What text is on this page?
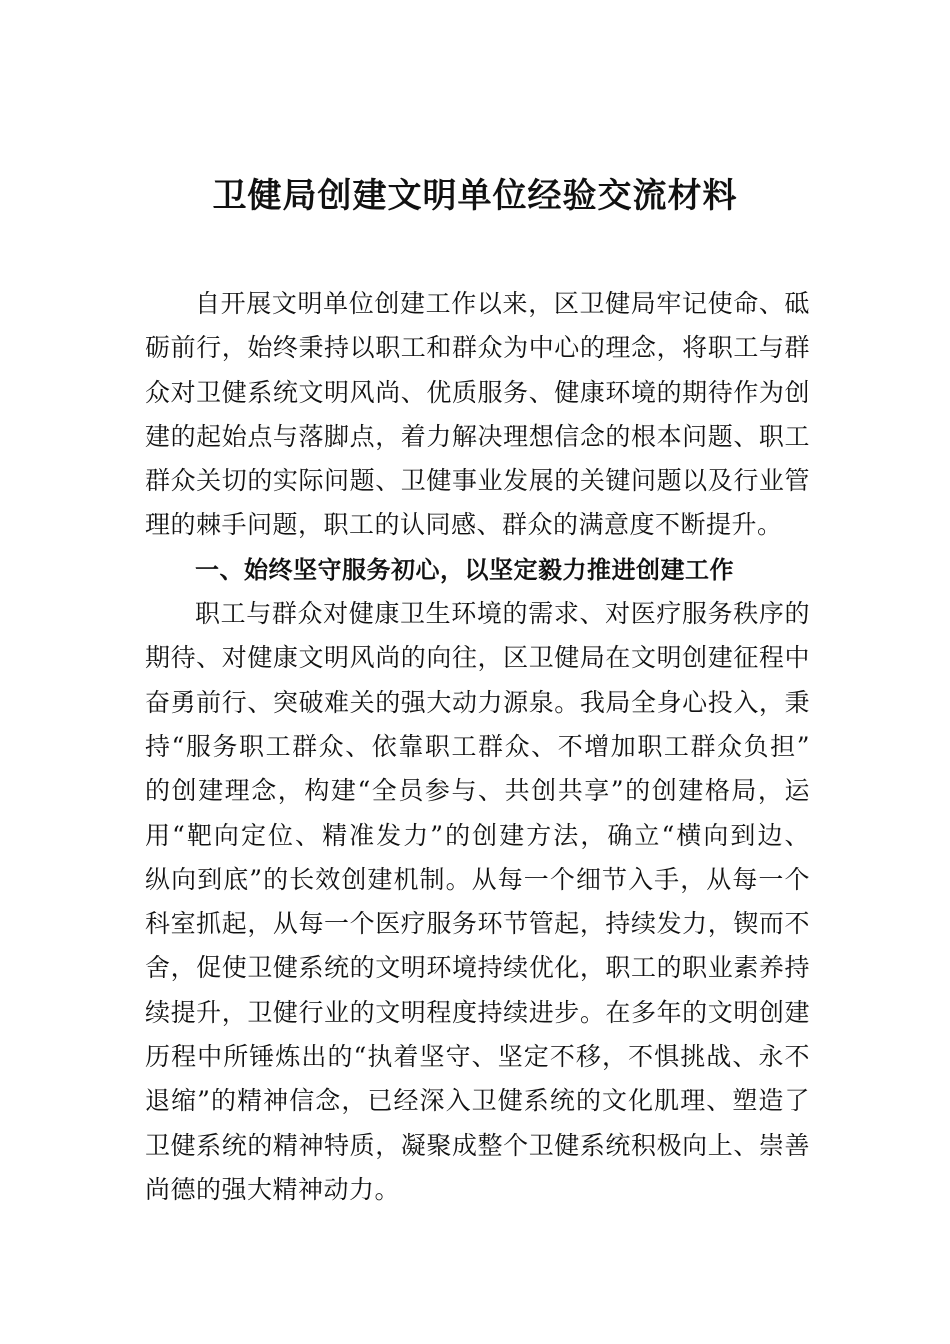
卫健局创建文明单位经验交流材料
自开展文明单位创建工作以来，区卫健局牢记使命、砥
砺前行，始终秉持以职工和群众为中心的理念，将职工与群
众对卫健系统文明风尚、优质服务、健康环境的期待作为创
建的起始点与落脚点，着力解决理想信念的根本问题、职工
群众关切的实际问题、卫健事业发展的关键问题以及行业管
理的棘手问题，职工的认同感、群众的满意度不断提升。
一、始终坚守服务初心，以坚定毅力推进创建工作
职工与群众对健康卫生环境的需求、对医疗服务秩序的
期待、对健康文明风尚的向往，区卫健局在文明创建征程中
奋勇前行、突破难关的强大动力源泉。我局全身心投入，秉
持“服务职工群众、依靠职工群众、不增加职工群众负担”
的创建理念，构建“全员参与、共创共享”的创建格局，运
用“靶向定位、精准发力”的创建方法，确立“横向到边、
纵向到底”的长效创建机制。从每一个细节入手，从每一个
科室抓起，从每一个医疗服务环节管起，持续发力，锲而不
舍，促使卫健系统的文明环境持续优化，职工的职业素养持
续提升，卫健行业的文明程度持续进步。在多年的文明创建
历程中所锤炼出的“执着坚守、坚定不移，不惧挑战、永不
退缩”的精神信念，已经深入卫健系统的文化肌理、塑造了
卫健系统的精神特质，凝聚成整个卫健系统积极向上、崇善
尚德的强大精神动力。
